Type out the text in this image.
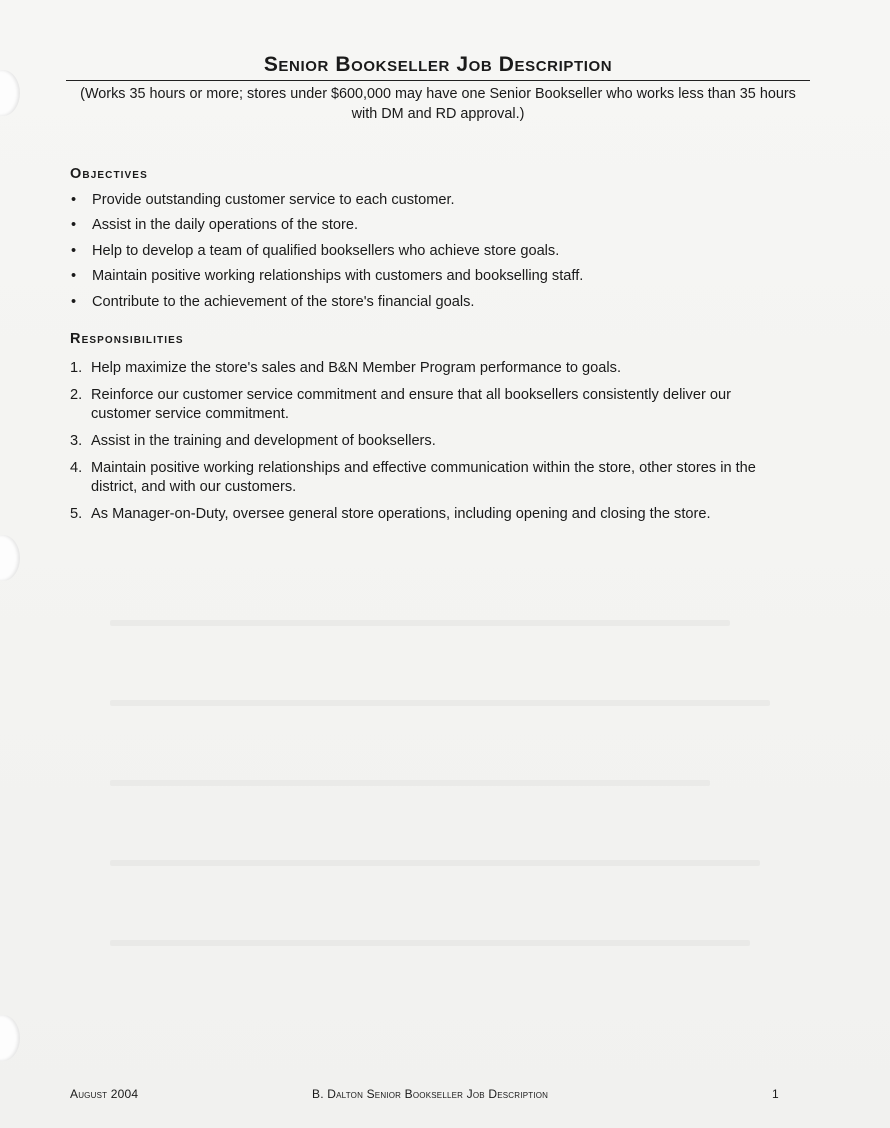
Senior Bookseller Job Description

(Works 35 hours or more; stores under $600,000 may have one Senior Bookseller who works less than 35 hours with DM and RD approval.)

Objectives
• Provide outstanding customer service to each customer.
• Assist in the daily operations of the store.
• Help to develop a team of qualified booksellers who achieve store goals.
• Maintain positive working relationships with customers and bookselling staff.
• Contribute to the achievement of the store's financial goals.
Responsibilities
1. Help maximize the store's sales and B&N Member Program performance to goals.
2. Reinforce our customer service commitment and ensure that all booksellers consistently deliver our customer service commitment.
3. Assist in the training and development of booksellers.
4. Maintain positive working relationships and effective communication within the store, other stores in the district, and with our customers.
5. As Manager-on-Duty, oversee general store operations, including opening and closing the store.
August 2004	B. Dalton Senior Bookseller Job Description	1
